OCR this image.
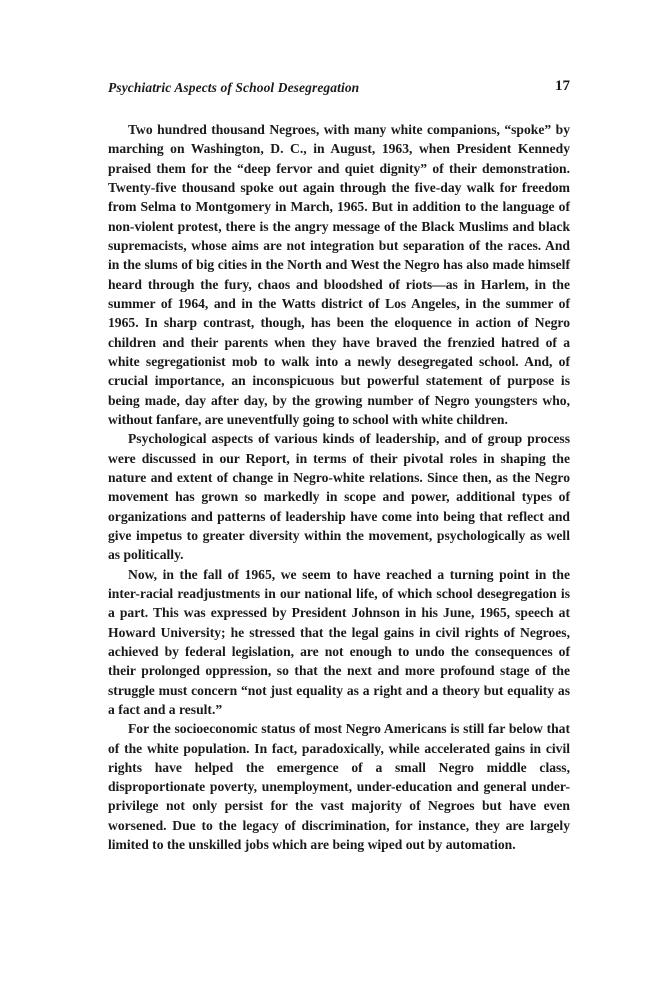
Psychiatric Aspects of School Desegregation	17

Two hundred thousand Negroes, with many white companions, “spoke” by marching on Washington, D. C., in August, 1963, when President Kennedy praised them for the “deep fervor and quiet dignity” of their demonstration. Twenty-five thousand spoke out again through the five-day walk for freedom from Selma to Montgomery in March, 1965. But in addition to the language of non-violent protest, there is the angry message of the Black Muslims and black supremacists, whose aims are not integration but separation of the races. And in the slums of big cities in the North and West the Negro has also made himself heard through the fury, chaos and bloodshed of riots—as in Harlem, in the summer of 1964, and in the Watts district of Los Angeles, in the summer of 1965. In sharp contrast, though, has been the eloquence in action of Negro children and their parents when they have braved the frenzied hatred of a white segregationist mob to walk into a newly desegregated school. And, of crucial importance, an inconspicuous but powerful statement of purpose is being made, day after day, by the growing number of Negro youngsters who, without fanfare, are uneventfully going to school with white children.

Psychological aspects of various kinds of leadership, and of group process were discussed in our Report, in terms of their pivotal roles in shaping the nature and extent of change in Negro-white relations. Since then, as the Negro movement has grown so markedly in scope and power, additional types of organizations and patterns of leadership have come into being that reflect and give impetus to greater diversity within the movement, psychologically as well as politically.

Now, in the fall of 1965, we seem to have reached a turning point in the inter-racial readjustments in our national life, of which school desegregation is a part. This was expressed by President Johnson in his June, 1965, speech at Howard University; he stressed that the legal gains in civil rights of Negroes, achieved by federal legislation, are not enough to undo the consequences of their prolonged oppression, so that the next and more profound stage of the struggle must concern “not just equality as a right and a theory but equality as a fact and a result.”

For the socioeconomic status of most Negro Americans is still far below that of the white population. In fact, paradoxically, while accelerated gains in civil rights have helped the emergence of a small Negro middle class, disproportionate poverty, unemployment, under-education and general under-privilege not only persist for the vast majority of Negroes but have even worsened. Due to the legacy of discrimination, for instance, they are largely limited to the unskilled jobs which are being wiped out by automation.
